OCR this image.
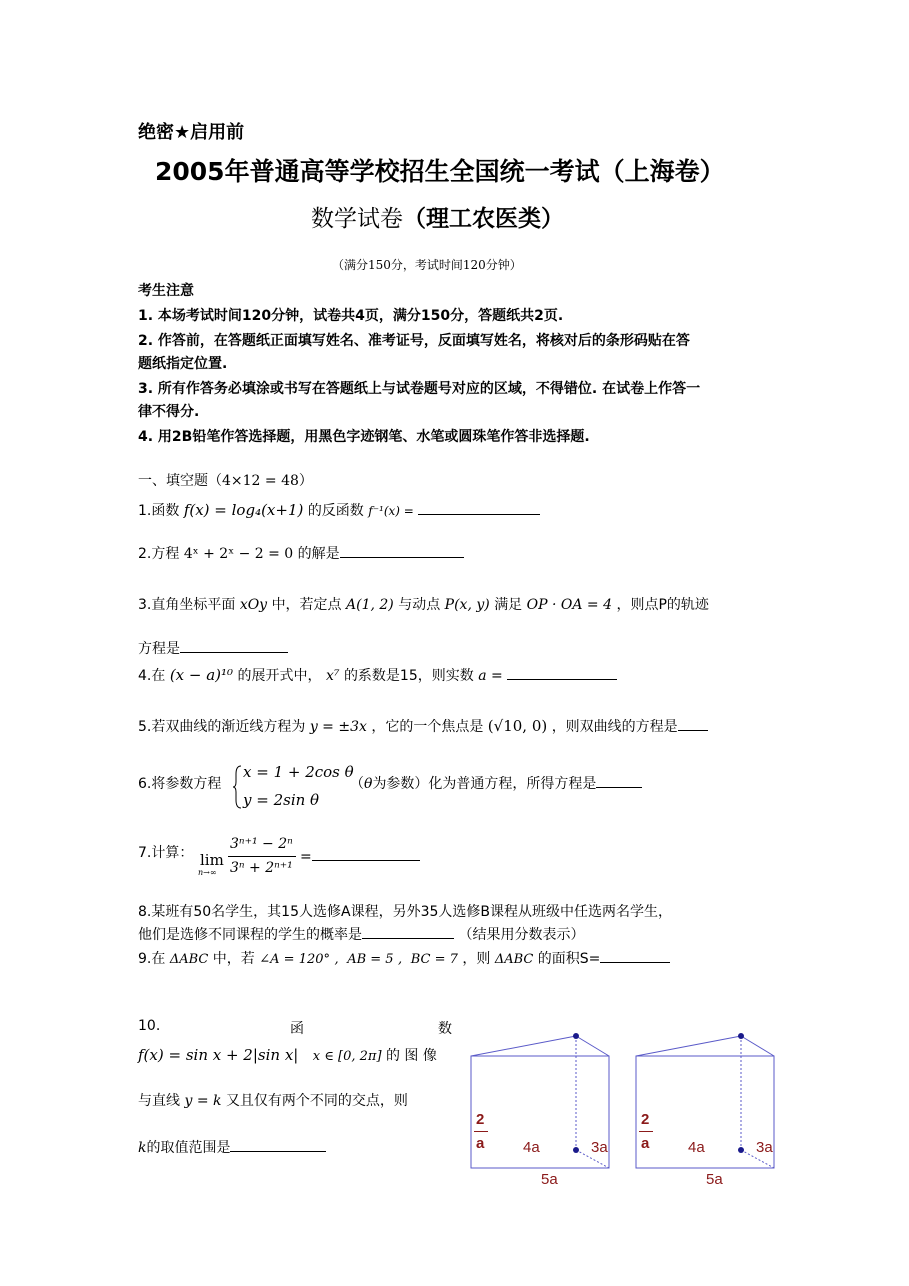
绝密★启用前
2005年普通高等学校招生全国统一考试（上海卷）
数学试卷（理工农医类）
（满分150分，考试时间120分钟）
考生注意
1. 本场考试时间120分钟，试卷共4页，满分150分，答题纸共2页.
2. 作答前，在答题纸正面填写姓名、准考证号，反面填写姓名，将核对后的条形码贴在答
题纸指定位置.
3. 所有作答务必填涂或书写在答题纸上与试卷题号对应的区域，不得错位. 在试卷上作答一
律不得分.
4. 用2B铅笔作答选择题，用黑色字迹钢笔、水笔或圆珠笔作答非选择题.
一、填空题（4×12 = 48）
1.函数 f(x) = log₄(x+1) 的反函数 f⁻¹(x) =
2.方程 4ˣ + 2ˣ − 2 = 0 的解是
3.直角坐标平面 xOy 中，若定点 A(1, 2) 与动点 P(x, y) 满足 OP · OA = 4 ，则点P的轨迹
方程是
4.在 (x − a)¹⁰ 的展开式中， x⁷ 的系数是15，则实数 a =
5.若双曲线的渐近线方程为 y = ±3x ，它的一个焦点是 (√10, 0) ，则双曲线的方程是
6.将参数方程
x = 1 + 2cos θ
y = 2sin θ
（θ为参数）化为普通方程，所得方程是
7.计算： lim
n→∞
3ⁿ⁺¹ − 2ⁿ
3ⁿ + 2ⁿ⁺¹
=
8.某班有50名学生，其15人选修A课程，另外35人选修B课程从班级中任选两名学生，
他们是选修不同课程的学生的概率是	（结果用分数表示）
9.在 ΔABC 中，若 ∠A = 120° ,  AB = 5 ,  BC = 7 ，则 ΔABC 的面积S=
10.	函	数
f(x) = sin x + 2|sin x| x ∈ [0, 2π] 的 图 像
与直线 y = k 又且仅有两个不同的交点，则
k的取值范围是
2
a	4a	3a
5a
2
a	4a	3a
5a
